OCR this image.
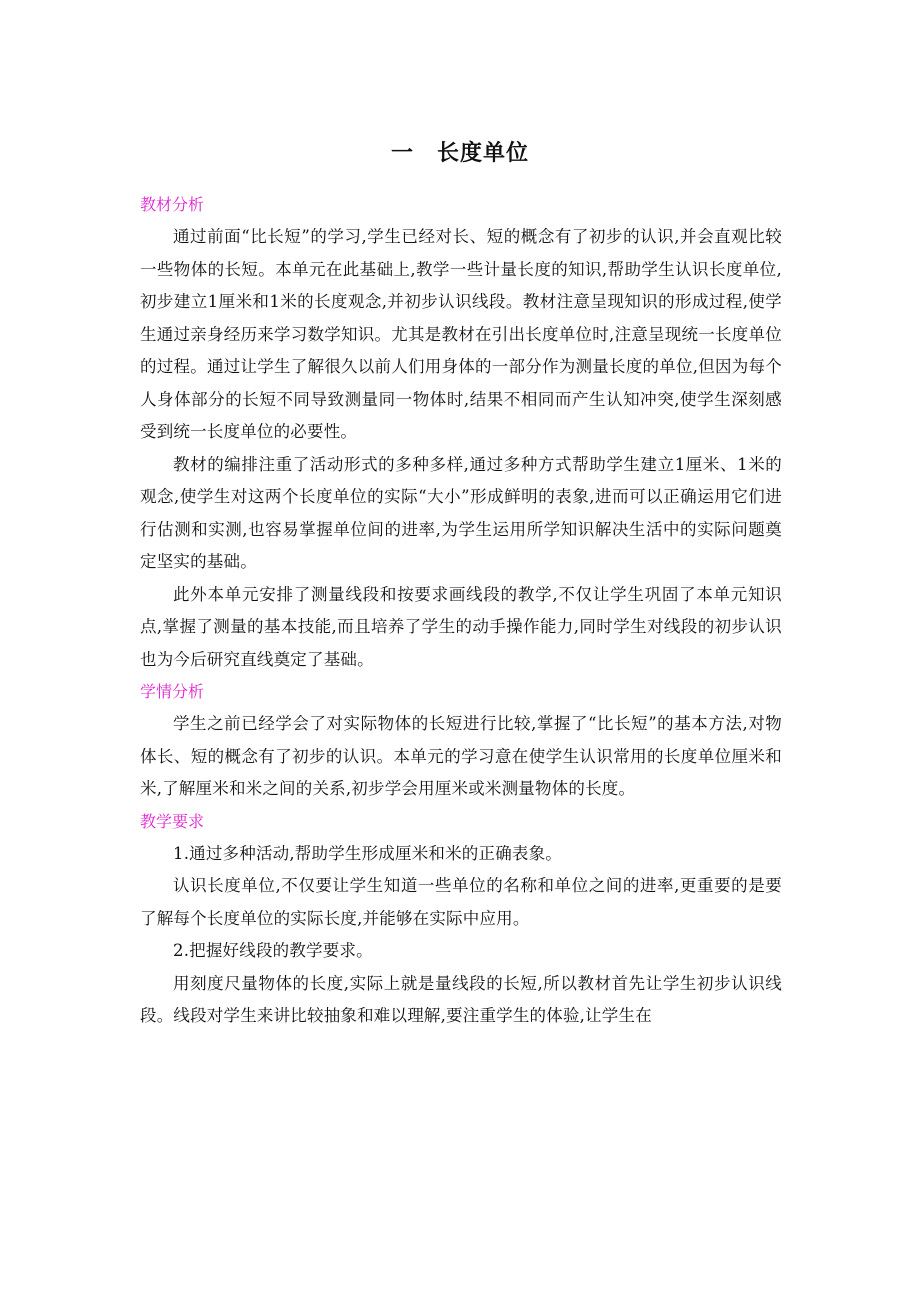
一　长度单位
教材分析

通过前面“比长短”的学习,学生已经对长、短的概念有了初步的认识,并会直观比较一些物体的长短。本单元在此基础上,教学一些计量长度的知识,帮助学生认识长度单位,初步建立1厘米和1米的长度观念,并初步认识线段。教材注意呈现知识的形成过程,使学生通过亲身经历来学习数学知识。尤其是教材在引出长度单位时,注意呈现统一长度单位的过程。通过让学生了解很久以前人们用身体的一部分作为测量长度的单位,但因为每个人身体部分的长短不同导致测量同一物体时,结果不相同而产生认知冲突,使学生深刻感受到统一长度单位的必要性。

教材的编排注重了活动形式的多种多样,通过多种方式帮助学生建立1厘米、1米的观念,使学生对这两个长度单位的实际“大小”形成鲜明的表象,进而可以正确运用它们进行估测和实测,也容易掌握单位间的进率,为学生运用所学知识解决生活中的实际问题奠定坚实的基础。

此外本单元安排了测量线段和按要求画线段的教学,不仅让学生巩固了本单元知识点,掌握了测量的基本技能,而且培养了学生的动手操作能力,同时学生对线段的初步认识也为今后研究直线奠定了基础。

学情分析

学生之前已经学会了对实际物体的长短进行比较,掌握了“比长短”的基本方法,对物体长、短的概念有了初步的认识。本单元的学习意在使学生认识常用的长度单位厘米和米,了解厘米和米之间的关系,初步学会用厘米或米测量物体的长度。

教学要求

1.通过多种活动,帮助学生形成厘米和米的正确表象。

认识长度单位,不仅要让学生知道一些单位的名称和单位之间的进率,更重要的是要了解每个长度单位的实际长度,并能够在实际中应用。

2.把握好线段的教学要求。

用刻度尺量物体的长度,实际上就是量线段的长短,所以教材首先让学生初步认识线段。线段对学生来讲比较抽象和难以理解,要注重学生的体验,让学生在
